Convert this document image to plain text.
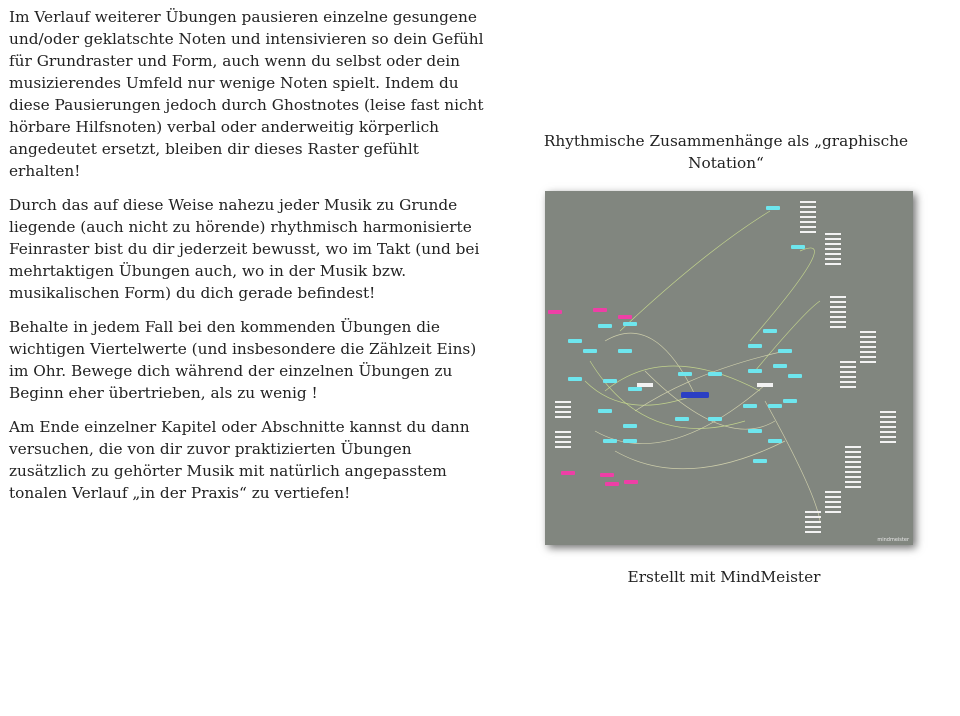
Im Verlauf weiterer Übungen pausieren einzelne gesungene und/oder geklatschte Noten und intensivieren so dein Gefühl für Grundraster und Form, auch wenn du selbst oder dein musizierendes Umfeld nur wenige Noten spielt. Indem du diese Pausierungen jedoch durch Ghostnotes (leise fast nicht hörbare Hilfsnoten) verbal oder anderweitig körperlich angedeutet ersetzt, bleiben dir dieses Raster gefühlt erhalten!

Durch das auf diese Weise nahezu jeder Musik zu Grunde liegende (auch nicht zu hörende) rhythmisch harmonisierte Feinraster bist du dir jederzeit bewusst, wo im Takt (und bei mehrtaktigen Übungen auch, wo in der Musik bzw. musikalischen Form) du dich gerade befindest!

Behalte in jedem Fall bei den kommenden Übungen die wichtigen Viertelwerte (und insbesondere die Zählzeit Eins) im Ohr. Bewege dich während der einzelnen Übungen zu Beginn eher übertrieben, als zu wenig !

Am Ende einzelner Kapitel oder Abschnitte kannst du dann versuchen, die von dir zuvor praktizierten Übungen zusätzlich zu gehörter Musik mit natürlich angepasstem tonalen Verlauf „in der Praxis“ zu vertiefen!

Rhythmische Zusammenhänge als „graphische Notation“
mindmeister
Erstellt mit MindMeister
